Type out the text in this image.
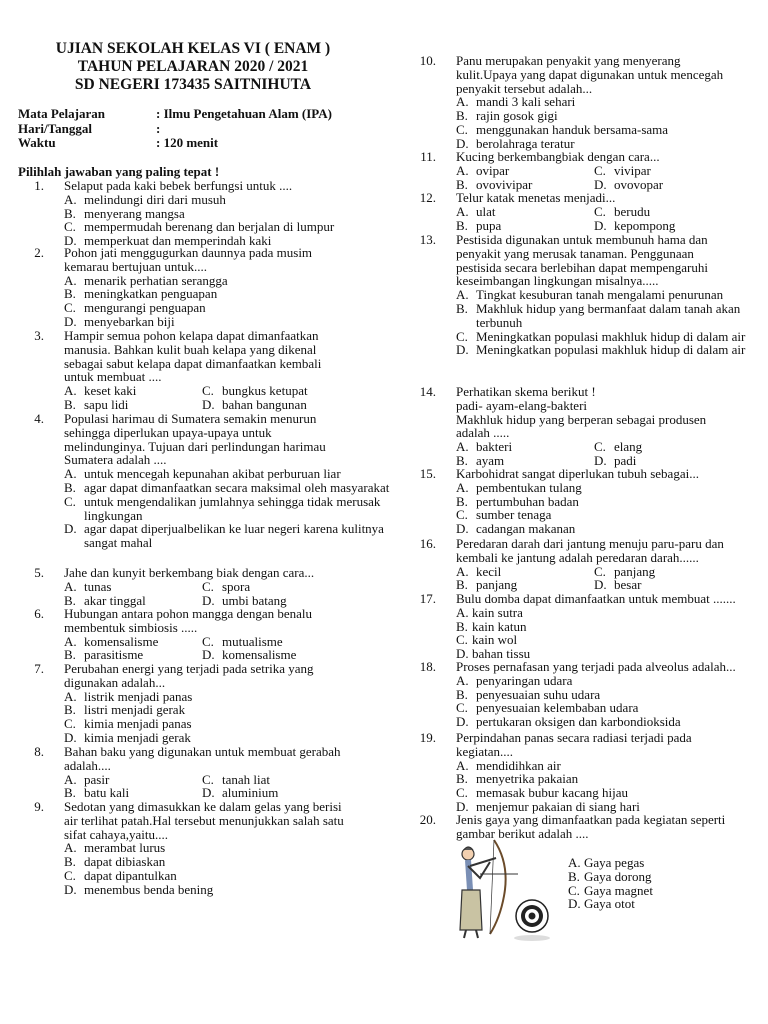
UJIAN SEKOLAH KELAS VI ( ENAM )
TAHUN PELAJARAN 2020 / 2021
SD NEGERI 173435 SAITNIHUTA
Mata Pelajaran	: Ilmu Pengetahuan Alam (IPA)
Hari/Tanggal	:
Waktu	: 120 menit
Pilihlah jawaban yang paling tepat !
1. Selaput pada kaki bebek berfungsi untuk ....
A. melindungi diri dari musuh
B. menyerang mangsa
C. mempermudah berenang dan berjalan di lumpur
D. memperkuat dan memperindah kaki
2. Pohon jati menggugurkan daunnya pada musim
kemarau bertujuan untuk....
A. menarik perhatian serangga
B. meningkatkan penguapan
C. mengurangi penguapan
D. menyebarkan biji
3. Hampir semua pohon kelapa dapat dimanfaatkan
manusia. Bahkan kulit buah kelapa yang dikenal
sebagai sabut kelapa dapat dimanfaatkan kembali
untuk membuat ....
A. keset kaki	C. bungkus ketupat
B. sapu lidi	D. bahan bangunan
4. Populasi harimau di Sumatera semakin menurun
sehingga diperlukan upaya-upaya untuk
melindunginya. Tujuan dari perlindungan harimau
Sumatera adalah ....
A. untuk mencegah kepunahan akibat perburuan liar
B. agar dapat dimanfaatkan secara maksimal oleh masyarakat
C. untuk mengendalikan jumlahnya sehingga tidak merusak lingkungan
D. agar dapat diperjualbelikan ke luar negeri karena kulitnya sangat mahal
5. Jahe dan kunyit berkembang biak dengan cara...
A. tunas	C. spora
B. akar tinggal	D. umbi batang
6. Hubungan antara pohon mangga dengan benalu
membentuk simbiosis .....
A. komensalisme	C. mutualisme
B. parasitisme	D. komensalisme
7. Perubahan energi yang terjadi pada setrika yang
digunakan adalah...
A. listrik menjadi panas
B. listri menjadi gerak
C. kimia menjadi panas
D. kimia menjadi gerak
8. Bahan baku yang digunakan untuk membuat gerabah
adalah....
A. pasir	C. tanah liat
B. batu kali	D. aluminium
9. Sedotan yang dimasukkan ke dalam gelas yang berisi
air terlihat patah.Hal tersebut menunjukkan salah satu
sifat cahaya,yaitu....
A. merambat lurus
B. dapat dibiaskan
C. dapat dipantulkan
D. menembus benda bening
10. Panu merupakan penyakit yang menyerang
kulit.Upaya yang dapat digunakan untuk mencegah
penyakit tersebut adalah...
A. mandi 3 kali sehari
B. rajin gosok gigi
C. menggunakan handuk bersama-sama
D. berolahraga teratur
11. Kucing berkembangbiak dengan cara...
A. ovipar	C. vivipar
B. ovovivipar	D. ovovopar
12. Telur katak menetas menjadi...
A. ulat	C. berudu
B. pupa	D. kepompong
13. Pestisida digunakan untuk membunuh hama dan
penyakit yang merusak tanaman. Penggunaan
pestisida secara berlebihan dapat mempengaruhi
keseimbangan lingkungan misalnya.....
A. Tingkat kesuburan tanah mengalami penurunan
B. Makhluk hidup yang bermanfaat dalam tanah akan terbunuh
C. Meningkatkan populasi makhluk hidup di dalam air
D. Meningkatkan populasi makhluk hidup di dalam air
14. Perhatikan skema berikut !
padi- ayam-elang-bakteri
Makhluk hidup yang berperan sebagai produsen
adalah .....
A. bakteri	C. elang
B. ayam	D. padi
15. Karbohidrat sangat diperlukan tubuh sebagai...
A. pembentukan tulang
B. pertumbuhan badan
C. sumber tenaga
D. cadangan makanan
16. Peredaran darah dari jantung menuju paru-paru dan
kembali ke jantung adalah peredaran darah......
A. kecil	C. panjang
B. panjang	D. besar
17. Bulu domba dapat dimanfaatkan untuk membuat .......
A. kain sutra
B. kain katun
C. kain wol
D. bahan tissu
18. Proses pernafasan yang terjadi pada alveolus adalah...
A. penyaringan udara
B. penyesuaian suhu udara
C. penyesuaian kelembaban udara
D. pertukaran oksigen dan karbondioksida
19. Perpindahan panas secara radiasi terjadi pada
kegiatan....
A. mendidihkan air
B. menyetrika pakaian
C. memasak bubur kacang hijau
D. menjemur pakaian di siang hari
20. Jenis gaya yang dimanfaatkan pada kegiatan seperti
gambar berikut adalah ....
A. Gaya pegas
B. Gaya dorong
C. Gaya magnet
D. Gaya otot
